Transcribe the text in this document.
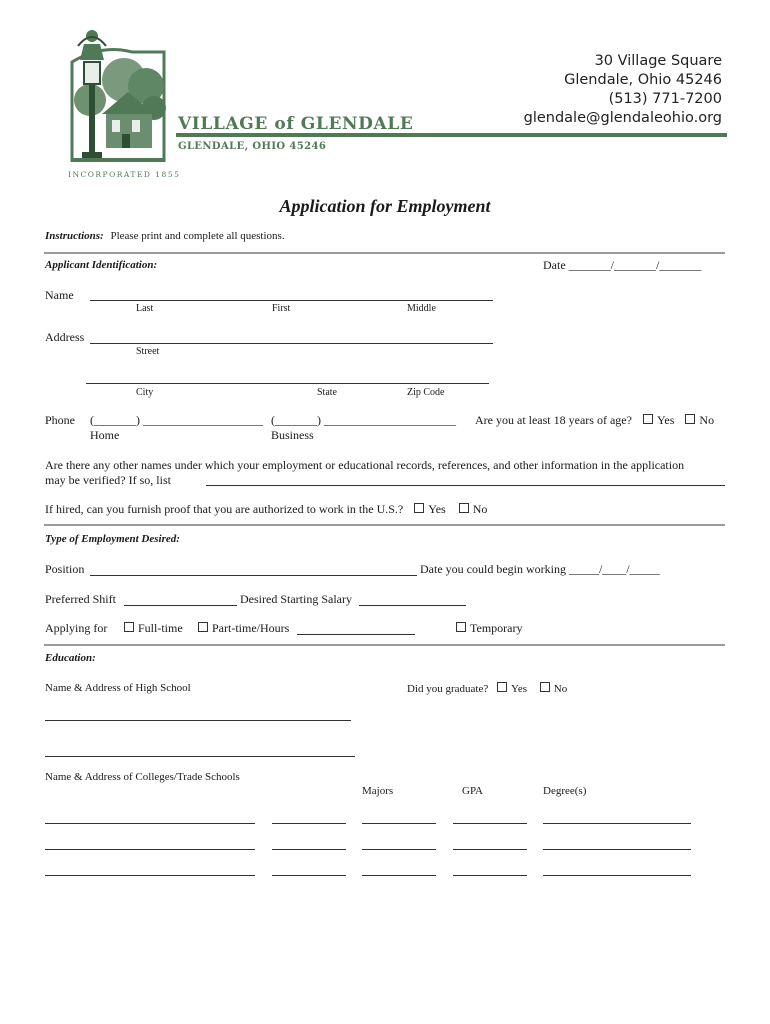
VILLAGE of GLENDALE
GLENDALE, OHIO 45246
INCORPORATED 1855
30 Village Square
Glendale, Ohio 45246
(513) 771-7200
glendale@glendaleohio.org
Application for Employment
Instructions: Please print and complete all questions.
Applicant Identification:	Date _______/_______/_______
Name
Last	First	Middle
Address
Street
City	State	Zip Code
Phone (_______) ____________________ (_______) ______________________
Home	Business
Are you at least 18 years of age? Yes No
Are there any other names under which your employment or educational records, references, and other information in the application
may be verified? If so, list
If hired, can you furnish proof that you are authorized to work in the U.S.? Yes No
Type of Employment Desired:
Position	Date you could begin working _____/____/_____
Preferred Shift	Desired Starting Salary
Applying for	Full-time	Part-time/Hours	Temporary
Education:
Name & Address of High School	Did you graduate? Yes No
Name & Address of Colleges/Trade Schools
Majors	GPA	Degree(s)
